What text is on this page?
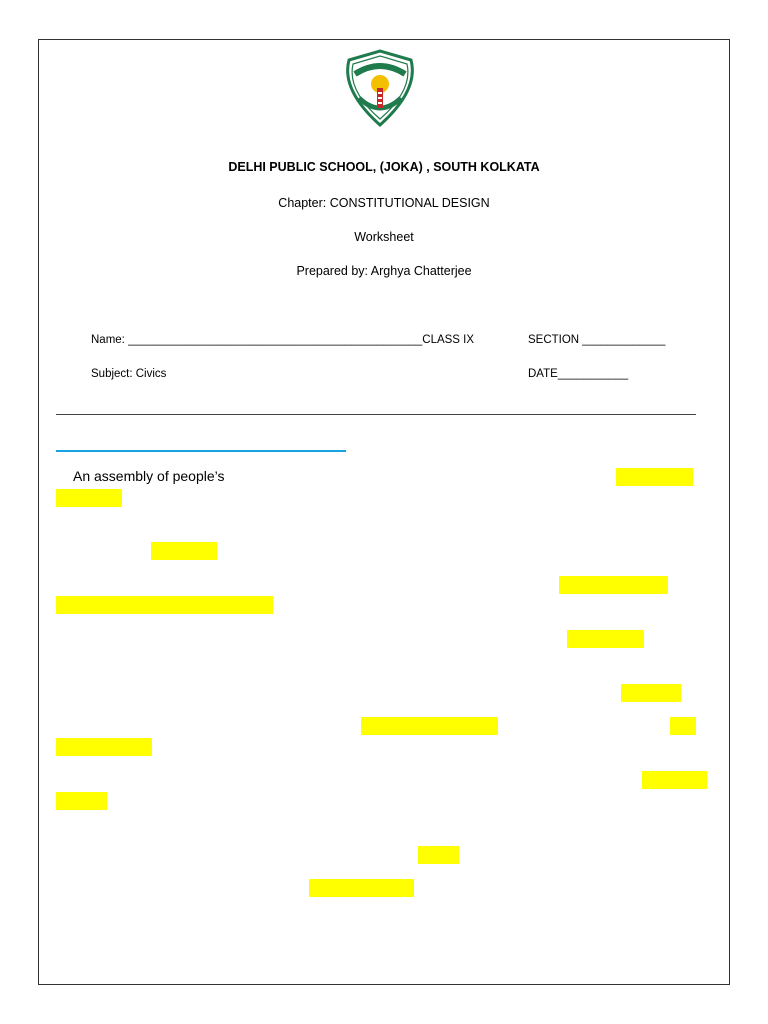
DELHI PUBLIC SCHOOL, (JOKA) , SOUTH KOLKATA
Chapter: CONSTITUTIONAL DESIGN
Worksheet
Prepared by: Arghya Chatterjee
Name: ______________________________________________CLASS IX	SECTION _____________
Subject: Civics	DATE___________
An assembly of people’s
